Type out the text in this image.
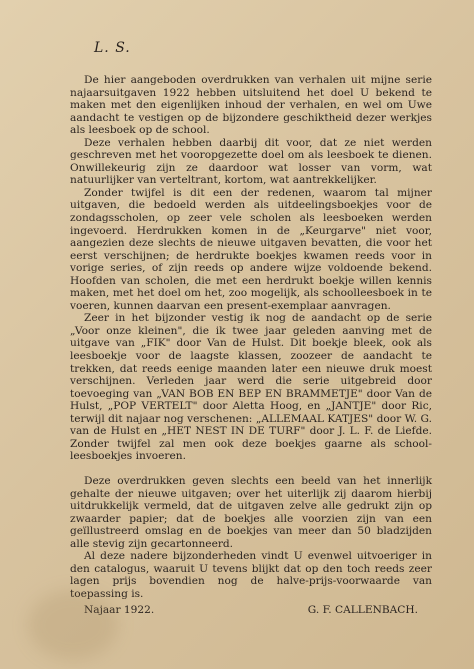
L. S.

De hier aangeboden overdrukken van verhalen uit mijne serie najaarsuitgaven 1922 hebben uitsluitend het doel U bekend te maken met den eigenlijken inhoud der verhalen, en wel om Uwe aandacht te vestigen op de bijzondere geschiktheid dezer werkjes als leesboek op de school.

Deze verhalen hebben daarbij dit voor, dat ze niet werden geschreven met het vooropgezette doel om als leesboek te dienen. Onwillekeurig zijn ze daardoor wat losser van vorm, wat natuurlijker van verteltrant, kortom, wat aantrekkelijker.

Zonder twijfel is dit een der redenen, waarom tal mijner uitgaven, die bedoeld werden als uitdeelingsboekjes voor de zondagsscholen, op zeer vele scholen als leesboeken werden ingevoerd. Herdrukken komen in de „Keurgarve" niet voor, aangezien deze slechts de nieuwe uitgaven bevatten, die voor het eerst verschijnen; de herdrukte boekjes kwamen reeds voor in vorige series, of zijn reeds op andere wijze voldoende bekend. Hoofden van scholen, die met een herdrukt boekje willen kennis maken, met het doel om het, zoo mogelijk, als schoolleesboek in te voeren, kunnen daarvan een present-exemplaar aanvragen.

Zeer in het bijzonder vestig ik nog de aandacht op de serie „Voor onze kleinen", die ik twee jaar geleden aanving met de uitgave van „FIK" door Van de Hulst. Dit boekje bleek, ook als leesboekje voor de laagste klassen, zoozeer de aandacht te trekken, dat reeds eenige maanden later een nieuwe druk moest verschijnen. Verleden jaar werd die serie uitgebreid door toevoeging van „VAN BOB EN BEP EN BRAMMETJE" door Van de Hulst, „POP VERTELT" door Aletta Hoog, en „JANTJE" door Ric, terwijl dit najaar nog verschenen: „ALLEMAAL KATJES" door W. G. van de Hulst en „HET NEST IN DE TURF" door J. L. F. de Liefde. Zonder twijfel zal men ook deze boekjes gaarne als school-leesboekjes invoeren.

Deze overdrukken geven slechts een beeld van het innerlijk gehalte der nieuwe uitgaven; over het uiterlijk zij daarom hierbij uitdrukkelijk vermeld, dat de uitgaven zelve alle gedrukt zijn op zwaarder papier; dat de boekjes alle voorzien zijn van een geïllustreerd omslag en de boekjes van meer dan 50 bladzijden alle stevig zijn gecartonneerd.

Al deze nadere bijzonderheden vindt U evenwel uitvoeriger in den catalogus, waaruit U tevens blijkt dat op den toch reeds zeer lagen prijs bovendien nog de halve-prijs-voorwaarde van toepassing is.

Najaar 1922.	G. F. CALLENBACH.
